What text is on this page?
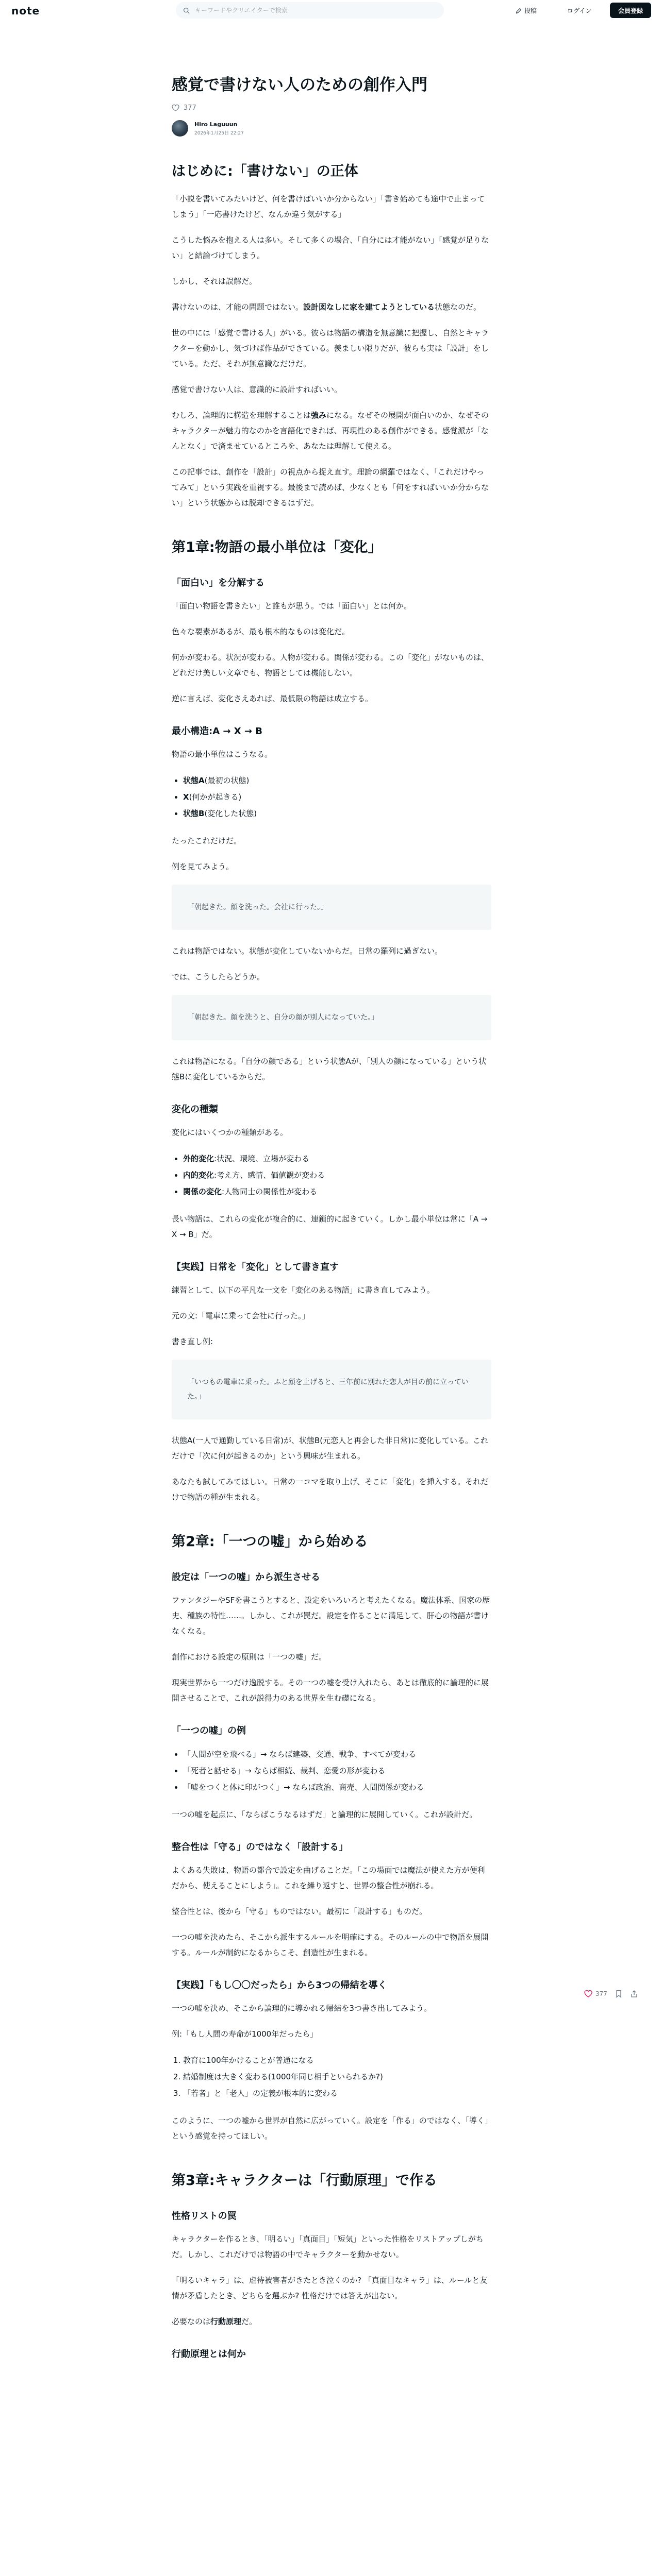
note
キーワードやクリエイターで検索	投稿	ログイン	会員登録
感覚で書けない人のための創作入門
377
Hiro Laguuun
2026年1月25日 22:27
はじめに:「書けない」の正体

「小説を書いてみたいけど、何を書けばいいか分からない」「書き始めても途中で止まってしまう」「一応書けたけど、なんか違う気がする」

こうした悩みを抱える人は多い。そして多くの場合、「自分には才能がない」「感覚が足りない」と結論づけてしまう。

しかし、それは誤解だ。

書けないのは、才能の問題ではない。設計図なしに家を建てようとしている状態なのだ。

世の中には「感覚で書ける人」がいる。彼らは物語の構造を無意識に把握し、自然とキャラクターを動かし、気づけば作品ができている。羨ましい限りだが、彼らも実は「設計」をしている。ただ、それが無意識なだけだ。

感覚で書けない人は、意識的に設計すればいい。

むしろ、論理的に構造を理解することは強みになる。なぜその展開が面白いのか、なぜそのキャラクターが魅力的なのかを言語化できれば、再現性のある創作ができる。感覚派が「なんとなく」で済ませているところを、あなたは理解して使える。

この記事では、創作を「設計」の視点から捉え直す。理論の網羅ではなく、「これだけやってみて」という実践を重視する。最後まで読めば、少なくとも「何をすればいいか分からない」という状態からは脱却できるはずだ。

第1章:物語の最小単位は「変化」
「面白い」を分解する

「面白い物語を書きたい」と誰もが思う。では「面白い」とは何か。

色々な要素があるが、最も根本的なものは変化だ。

何かが変わる。状況が変わる。人物が変わる。関係が変わる。この「変化」がないものは、どれだけ美しい文章でも、物語としては機能しない。

逆に言えば、変化さえあれば、最低限の物語は成立する。

最小構造:A → X → B

物語の最小単位はこうなる。

• 状態A(最初の状態)
• X(何かが起きる)
• 状態B(変化した状態)

たったこれだけだ。

例を見てみよう。

「朝起きた。顔を洗った。会社に行った。」

これは物語ではない。状態が変化していないからだ。日常の羅列に過ぎない。

では、こうしたらどうか。

「朝起きた。顔を洗うと、自分の顔が別人になっていた。」

これは物語になる。「自分の顔である」という状態Aが、「別人の顔になっている」という状態Bに変化しているからだ。

変化の種類

変化にはいくつかの種類がある。

• 外的変化:状況、環境、立場が変わる
• 内的変化:考え方、感情、価値観が変わる
• 関係の変化:人物同士の関係性が変わる

長い物語は、これらの変化が複合的に、連鎖的に起きていく。しかし最小単位は常に「A → X → B」だ。

【実践】日常を「変化」として書き直す

練習として、以下の平凡な一文を「変化のある物語」に書き直してみよう。

元の文:「電車に乗って会社に行った。」

書き直し例:

「いつもの電車に乗った。ふと顔を上げると、三年前に別れた恋人が目の前に立っていた。」

状態A(一人で通勤している日常)が、状態B(元恋人と再会した非日常)に変化している。これだけで「次に何が起きるのか」という興味が生まれる。

あなたも試してみてほしい。日常の一コマを取り上げ、そこに「変化」を挿入する。それだけで物語の種が生まれる。

第2章:「一つの嘘」から始める
設定は「一つの嘘」から派生させる

ファンタジーやSFを書こうとすると、設定をいろいろと考えたくなる。魔法体系、国家の歴史、種族の特性……。しかし、これが罠だ。設定を作ることに満足して、肝心の物語が書けなくなる。

創作における設定の原則は「一つの嘘」だ。

現実世界から一つだけ逸脱する。その一つの嘘を受け入れたら、あとは徹底的に論理的に展開させることで、これが説得力のある世界を生む礎になる。

「一つの嘘」の例
• 「人間が空を飛べる」→ ならば建築、交通、戦争、すべてが変わる
• 「死者と話せる」→ ならば相続、裁判、恋愛の形が変わる
• 「嘘をつくと体に印がつく」→ ならば政治、商売、人間関係が変わる

一つの嘘を起点に、「ならばこうなるはずだ」と論理的に展開していく。これが設計だ。

整合性は「守る」のではなく「設計する」

よくある失敗は、物語の都合で設定を曲げることだ。「この場面では魔法が使えた方が便利だから、使えることにしよう」。これを繰り返すと、世界の整合性が崩れる。

整合性とは、後から「守る」ものではない。最初に「設計する」ものだ。

一つの嘘を決めたら、そこから派生するルールを明確にする。そのルールの中で物語を展開する。ルールが制約になるからこそ、創造性が生まれる。

【実践】「もし〇〇だったら」から3つの帰結を導く

一つの嘘を決め、そこから論理的に導かれる帰結を3つ書き出してみよう。

例:「もし人間の寿命が1000年だったら」

1. 教育に100年かけることが普通になる
2. 結婚制度は大きく変わる(1000年同じ相手といられるか?)
3. 「若者」と「老人」の定義が根本的に変わる

このように、一つの嘘から世界が自然に広がっていく。設定を「作る」のではなく、「導く」という感覚を持ってほしい。

第3章:キャラクターは「行動原理」で作る
性格リストの罠

キャラクターを作るとき、「明るい」「真面目」「短気」といった性格をリストアップしがちだ。しかし、これだけでは物語の中でキャラクターを動かせない。

「明るいキャラ」は、虐待被害者がきたとき泣くのか? 「真面目なキャラ」は、ルールと友情が矛盾したとき、どちらを選ぶか? 性格だけでは答えが出ない。

必要なのは行動原理だ。

行動原理とは何か
377
